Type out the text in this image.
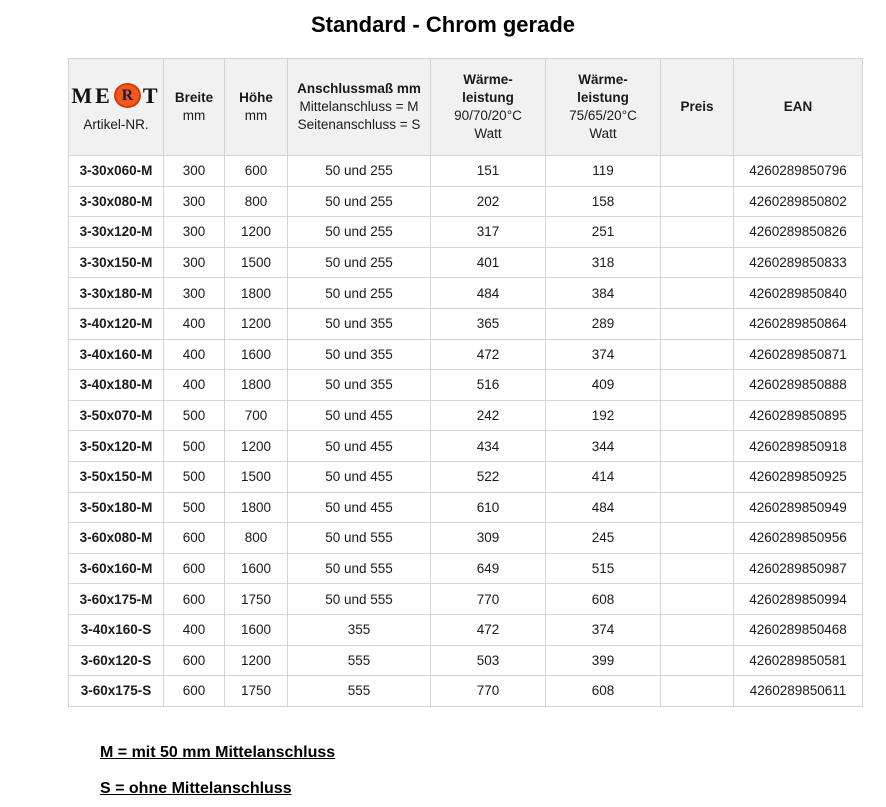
Standard - Chrom gerade
ME R T
Artikel-NR.

Breite
mm

Höhe
mm

Anschlussmaß mm
Mittelanschluss = M
Seitenanschluss = S

Wärme-
leistung
90/70/20°C
Watt

Wärme-
leistung
75/65/20°C
Watt

Preis	EAN

3-30x060-M	300	600	50 und 255	151	119		4260289850796
3-30x080-M	300	800	50 und 255	202	158		4260289850802
3-30x120-M	300	1200	50 und 255	317	251		4260289850826
3-30x150-M	300	1500	50 und 255	401	318		4260289850833
3-30x180-M	300	1800	50 und 255	484	384		4260289850840
3-40x120-M	400	1200	50 und 355	365	289		4260289850864
3-40x160-M	400	1600	50 und 355	472	374		4260289850871
3-40x180-M	400	1800	50 und 355	516	409		4260289850888
3-50x070-M	500	700	50 und 455	242	192		4260289850895
3-50x120-M	500	1200	50 und 455	434	344		4260289850918
3-50x150-M	500	1500	50 und 455	522	414		4260289850925
3-50x180-M	500	1800	50 und 455	610	484		4260289850949
3-60x080-M	600	800	50 und 555	309	245		4260289850956
3-60x160-M	600	1600	50 und 555	649	515		4260289850987
3-60x175-M	600	1750	50 und 555	770	608		4260289850994
3-40x160-S	400	1600	355	472	374		4260289850468
3-60x120-S	600	1200	555	503	399		4260289850581
3-60x175-S	600	1750	555	770	608		4260289850611
M = mit 50 mm Mittelanschluss
S = ohne Mittelanschluss
